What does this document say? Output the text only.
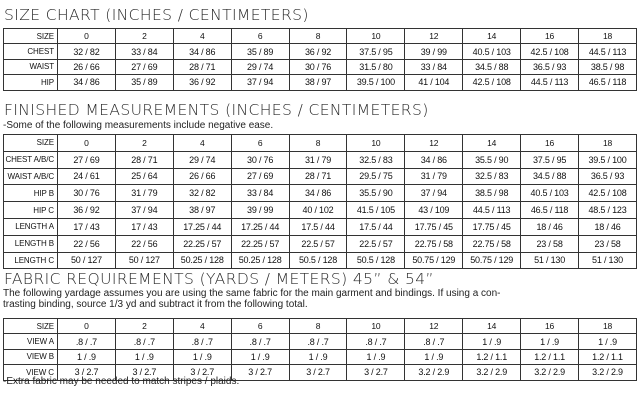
SIZE CHART (INCHES / CENTIMETERS)
SIZE	0	2	4	6	8	10	12	14	16	18
CHEST	32 / 82	33 / 84	34 / 86	35 / 89	36 / 92	37.5 / 95	39 / 99	40.5 / 103	42.5 / 108	44.5 / 113
WAIST	26 / 66	27 / 69	28 / 71	29 / 74	30 / 76	31.5 / 80	33 / 84	34.5 / 88	36.5 / 93	38.5 / 98
HIP	34 / 86	35 / 89	36 / 92	37 / 94	38 / 97	39.5 / 100	41 / 104	42.5 / 108	44.5 / 113	46.5 / 118
FINISHED MEASUREMENTS (INCHES / CENTIMETERS)

-Some of the following measurements include negative ease.

SIZE	0	2	4	6	8	10	12	14	16	18
CHEST A/B/C	27 / 69	28 / 71	29 / 74	30 / 76	31 / 79	32.5 / 83	34 / 86	35.5 / 90	37.5 / 95	39.5 / 100
WAIST A/B/C	24 / 61	25 / 64	26 / 66	27 / 69	28 / 71	29.5 / 75	31 / 79	32.5 / 83	34.5 / 88	36.5 / 93
HIP B	30 / 76	31 / 79	32 / 82	33 / 84	34 / 86	35.5 / 90	37 / 94	38.5 / 98	40.5 / 103	42.5 / 108
HIP C	36 / 92	37 / 94	38 / 97	39 / 99	40 / 102	41.5 / 105	43 / 109	44.5 / 113	46.5 / 118	48.5 / 123
LENGTH A	17 / 43	17 / 43	17.25 / 44	17.25 / 44	17.5 / 44	17.5 / 44	17.75 / 45	17.75 / 45	18 / 46	18 / 46
LENGTH B	22 / 56	22 / 56	22.25 / 57	22.25 / 57	22.5 / 57	22.5 / 57	22.75 / 58	22.75 / 58	23 / 58	23 / 58
LENGTH C	50 / 127	50 / 127	50.25 / 128	50.25 / 128	50.5 / 128	50.5 / 128	50.75 / 129	50.75 / 129	51 / 130	51 / 130
FABRIC REQUIREMENTS (YARDS / METERS) 45” & 54”

The following yardage assumes you are using the same fabric for the main garment and bindings. If using a con-

trasting binding, source 1/3 yd and subtract it from the following total.

SIZE	0	2	4	6	8	10	12	14	16	18
VIEW A	.8 / .7	.8 / .7	.8 / .7	.8 / .7	.8 / .7	.8 / .7	.8 / .7	1 / .9	1 / .9	1 / .9
VIEW B	1 / .9	1 / .9	1 / .9	1 / .9	1 / .9	1 / .9	1 / .9	1.2 / 1.1	1.2 / 1.1	1.2 / 1.1
VIEW C	3 / 2.7	3 / 2.7	3 / 2.7	3 / 2.7	3 / 2.7	3 / 2.7	3.2 / 2.9	3.2 / 2.9	3.2 / 2.9	3.2 / 2.9

-Extra fabric may be needed to match stripes / plaids.
